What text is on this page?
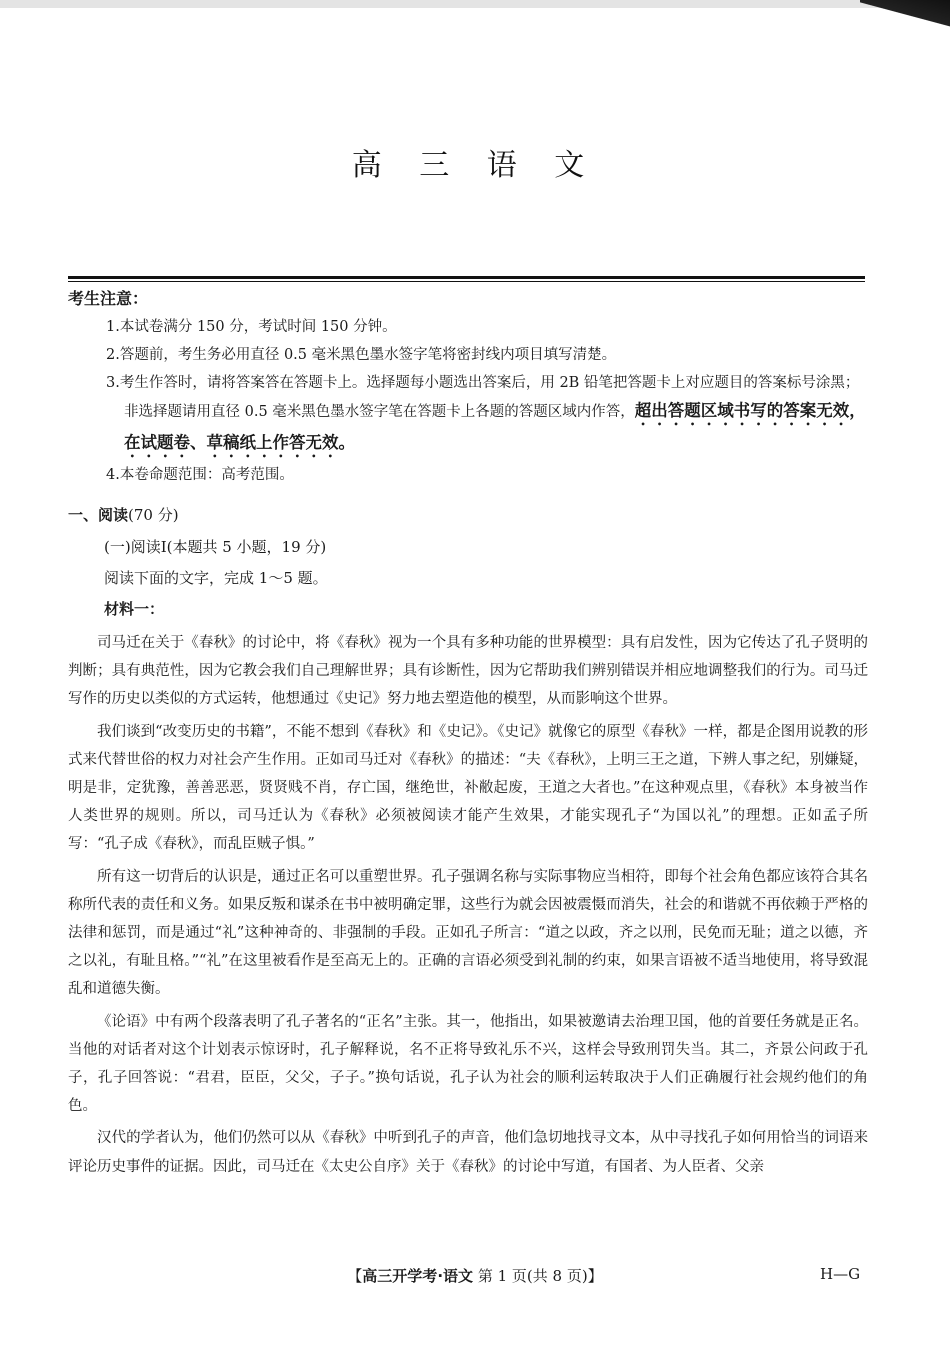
高 三 语 文
考生注意：

1.本试卷满分 150 分，考试时间 150 分钟。

2.答题前，考生务必用直径 0.5 毫米黑色墨水签字笔将密封线内项目填写清楚。

3.考生作答时，请将答案答在答题卡上。选择题每小题选出答案后，用 2B 铅笔把答题卡上对应题目的答案标号涂黑；非选择题请用直径 0.5 毫米黑色墨水签字笔在答题卡上各题的答题区域内作答，超出答题区域书写的答案无效，在试题卷、草稿纸上作答无效。

4.本卷命题范围：高考范围。

一、阅读(70 分)
(一)阅读Ⅰ(本题共 5 小题，19 分)
阅读下面的文字，完成 1～5 题。
材料一：

司马迁在关于《春秋》的讨论中，将《春秋》视为一个具有多种功能的世界模型：具有启发性，因为它传达了孔子贤明的判断；具有典范性，因为它教会我们自己理解世界；具有诊断性，因为它帮助我们辨别错误并相应地调整我们的行为。司马迁写作的历史以类似的方式运转，他想通过《史记》努力地去塑造他的模型，从而影响这个世界。

我们谈到“改变历史的书籍”，不能不想到《春秋》和《史记》。《史记》就像它的原型《春秋》一样，都是企图用说教的形式来代替世俗的权力对社会产生作用。正如司马迁对《春秋》的描述：“夫《春秋》，上明三王之道，下辨人事之纪，别嫌疑，明是非，定犹豫，善善恶恶，贤贤贱不肖，存亡国，继绝世，补敝起废，王道之大者也。”在这种观点里，《春秋》本身被当作人类世界的规则。所以，司马迁认为《春秋》必须被阅读才能产生效果，才能实现孔子“为国以礼”的理想。正如孟子所写：“孔子成《春秋》，而乱臣贼子惧。”

所有这一切背后的认识是，通过正名可以重塑世界。孔子强调名称与实际事物应当相符，即每个社会角色都应该符合其名称所代表的责任和义务。如果反叛和谋杀在书中被明确定罪，这些行为就会因被震慑而消失，社会的和谐就不再依赖于严格的法律和惩罚，而是通过“礼”这种神奇的、非强制的手段。正如孔子所言：“道之以政，齐之以刑，民免而无耻；道之以德，齐之以礼，有耻且格。”“礼”在这里被看作是至高无上的。正确的言语必须受到礼制的约束，如果言语被不适当地使用，将导致混乱和道德失衡。

《论语》中有两个段落表明了孔子著名的“正名”主张。其一，他指出，如果被邀请去治理卫国，他的首要任务就是正名。当他的对话者对这个计划表示惊讶时，孔子解释说，名不正将导致礼乐不兴，这样会导致刑罚失当。其二，齐景公问政于孔子，孔子回答说：“君君，臣臣，父父，子子。”换句话说，孔子认为社会的顺利运转取决于人们正确履行社会规约他们的角色。

汉代的学者认为，他们仍然可以从《春秋》中听到孔子的声音，他们急切地找寻文本，从中寻找孔子如何用恰当的词语来评论历史事件的证据。因此，司马迁在《太史公自序》关于《春秋》的讨论中写道，有国者、为人臣者、父亲

【高三开学考·语文 第 1 页(共 8 页)】	H—G
